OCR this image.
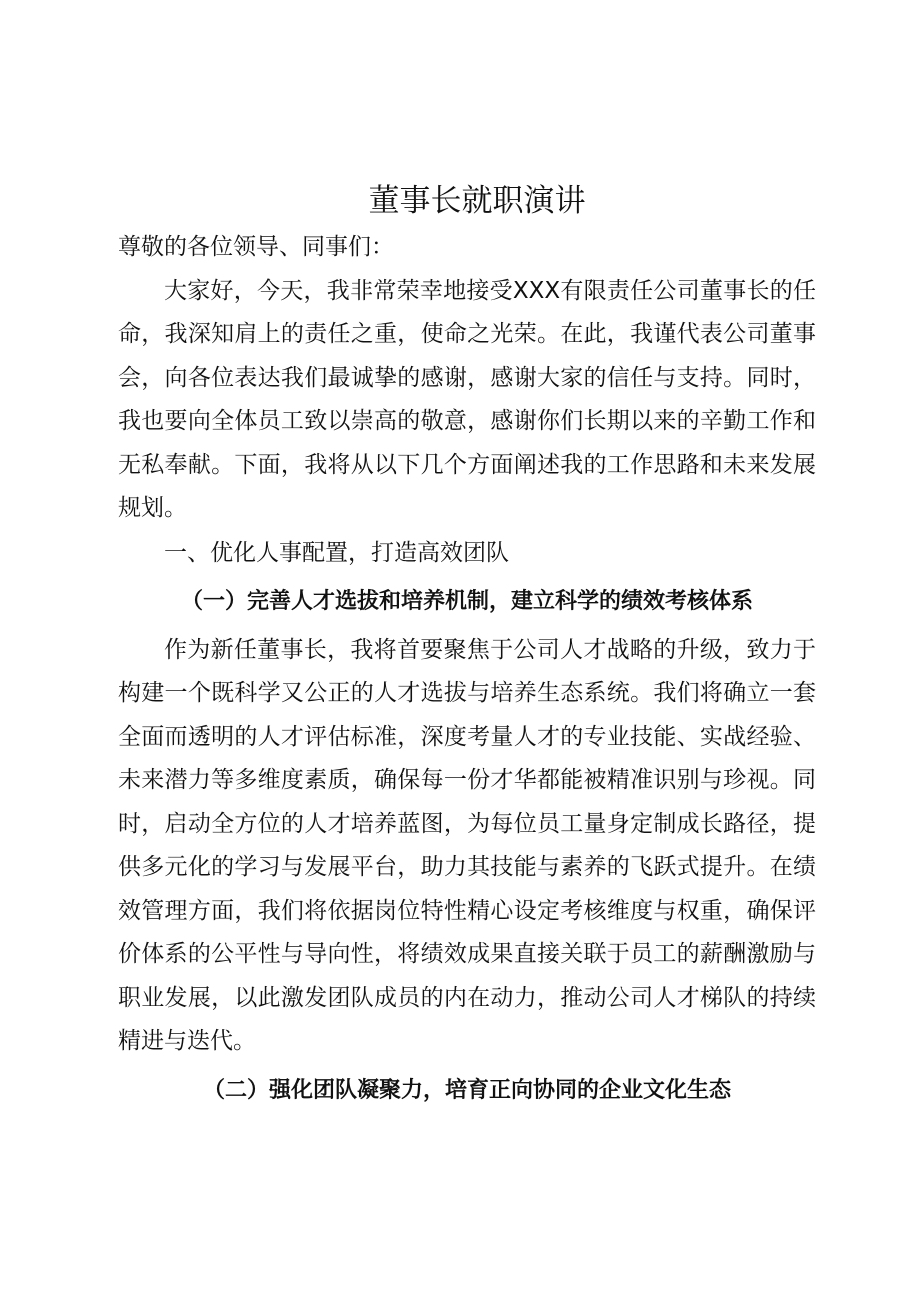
董事长就职演讲

尊敬的各位领导、同事们：

大家好，今天，我非常荣幸地接受XXX有限责任公司董事长的任命，我深知肩上的责任之重，使命之光荣。在此，我谨代表公司董事会，向各位表达我们最诚挚的感谢，感谢大家的信任与支持。同时，我也要向全体员工致以崇高的敬意，感谢你们长期以来的辛勤工作和无私奉献。下面，我将从以下几个方面阐述我的工作思路和未来发展规划。

一、优化人事配置，打造高效团队

（一）完善人才选拔和培养机制，建立科学的绩效考核体系

作为新任董事长，我将首要聚焦于公司人才战略的升级，致力于构建一个既科学又公正的人才选拔与培养生态系统。我们将确立一套全面而透明的人才评估标准，深度考量人才的专业技能、实战经验、未来潜力等多维度素质，确保每一份才华都能被精准识别与珍视。同时，启动全方位的人才培养蓝图，为每位员工量身定制成长路径，提供多元化的学习与发展平台，助力其技能与素养的飞跃式提升。在绩效管理方面，我们将依据岗位特性精心设定考核维度与权重，确保评价体系的公平性与导向性，将绩效成果直接关联于员工的薪酬激励与职业发展，以此激发团队成员的内在动力，推动公司人才梯队的持续精进与迭代。

（二）强化团队凝聚力，培育正向协同的企业文化生态
